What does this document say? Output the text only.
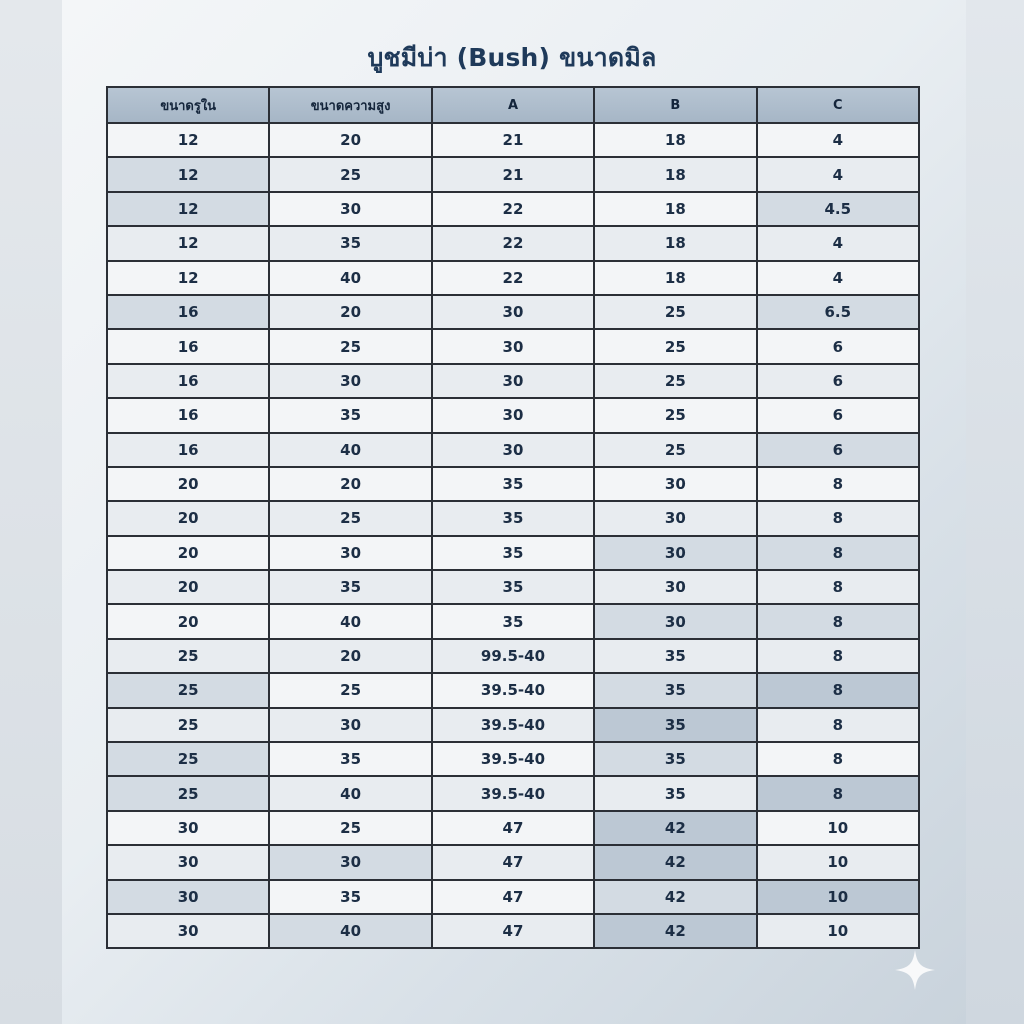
บูชมีบ่า (Bush) ขนาดมิล
ขนาดรูใน	ขนาดความสูง	A	B	C
12	20	21	18	4
12	25	21	18	4
12	30	22	18	4.5
12	35	22	18	4
12	40	22	18	4
16	20	30	25	6.5
16	25	30	25	6
16	30	30	25	6
16	35	30	25	6
16	40	30	25	6
20	20	35	30	8
20	25	35	30	8
20	30	35	30	8
20	35	35	30	8
20	40	35	30	8
25	20	99.5-40	35	8
25	25	39.5-40	35	8
25	30	39.5-40	35	8
25	35	39.5-40	35	8
25	40	39.5-40	35	8
30	25	47	42	10
30	30	47	42	10
30	35	47	42	10
30	40	47	42	10
